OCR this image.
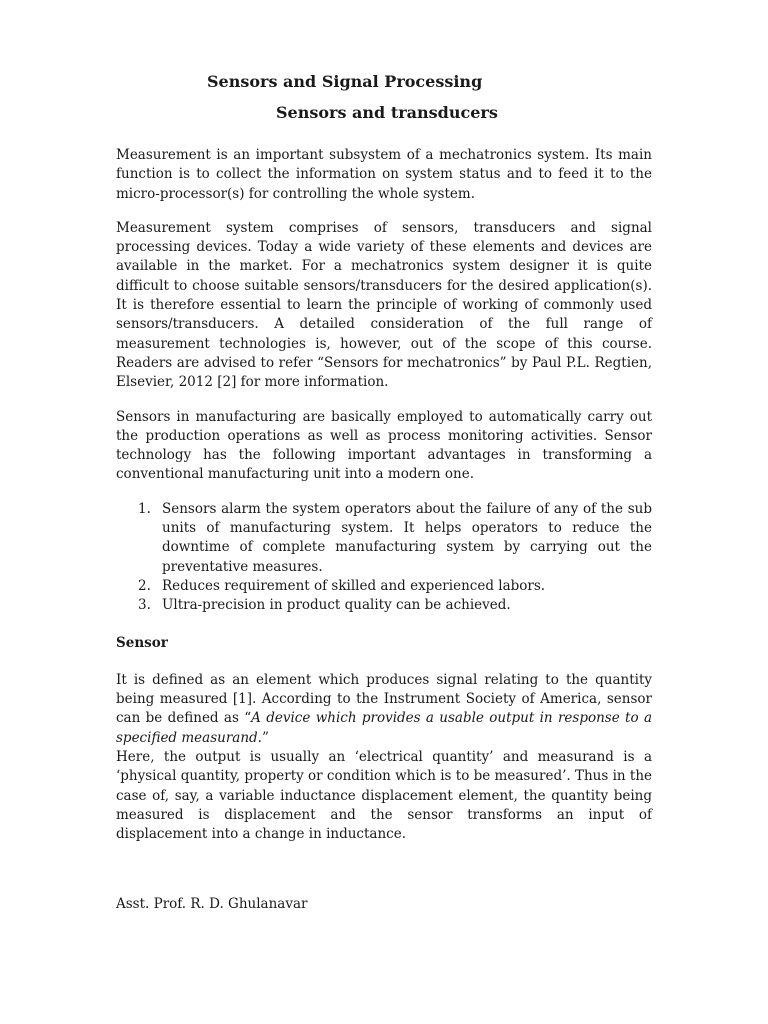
Sensors and Signal Processing
Sensors and transducers

Measurement is an important subsystem of a mechatronics system. Its main function is to collect the information on system status and to feed it to the micro-processor(s) for controlling the whole system.

Measurement system comprises of sensors, transducers and signal processing devices. Today a wide variety of these elements and devices are available in the market. For a mechatronics system designer it is quite difficult to choose suitable sensors/transducers for the desired application(s). It is therefore essential to learn the principle of working of commonly used sensors/transducers. A detailed consideration of the full range of measurement technologies is, however, out of the scope of this course. Readers are advised to refer “Sensors for mechatronics” by Paul P.L. Regtien, Elsevier, 2012 [2] for more information.

Sensors in manufacturing are basically employed to automatically carry out the production operations as well as process monitoring activities. Sensor technology has the following important advantages in transforming a conventional manufacturing unit into a modern one.

1. Sensors alarm the system operators about the failure of any of the sub units of manufacturing system. It helps operators to reduce the downtime of complete manufacturing system by carrying out the preventative measures.
2. Reduces requirement of skilled and experienced labors.
3. Ultra-precision in product quality can be achieved.

Sensor

It is defined as an element which produces signal relating to the quantity being measured [1]. According to the Instrument Society of America, sensor can be defined as “A device which provides a usable output in response to a specified measurand.”
Here, the output is usually an ‘electrical quantity’ and measurand is a ‘physical quantity, property or condition which is to be measured’. Thus in the case of, say, a variable inductance displacement element, the quantity being measured is displacement and the sensor transforms an input of displacement into a change in inductance.

Asst. Prof. R. D. Ghulanavar
